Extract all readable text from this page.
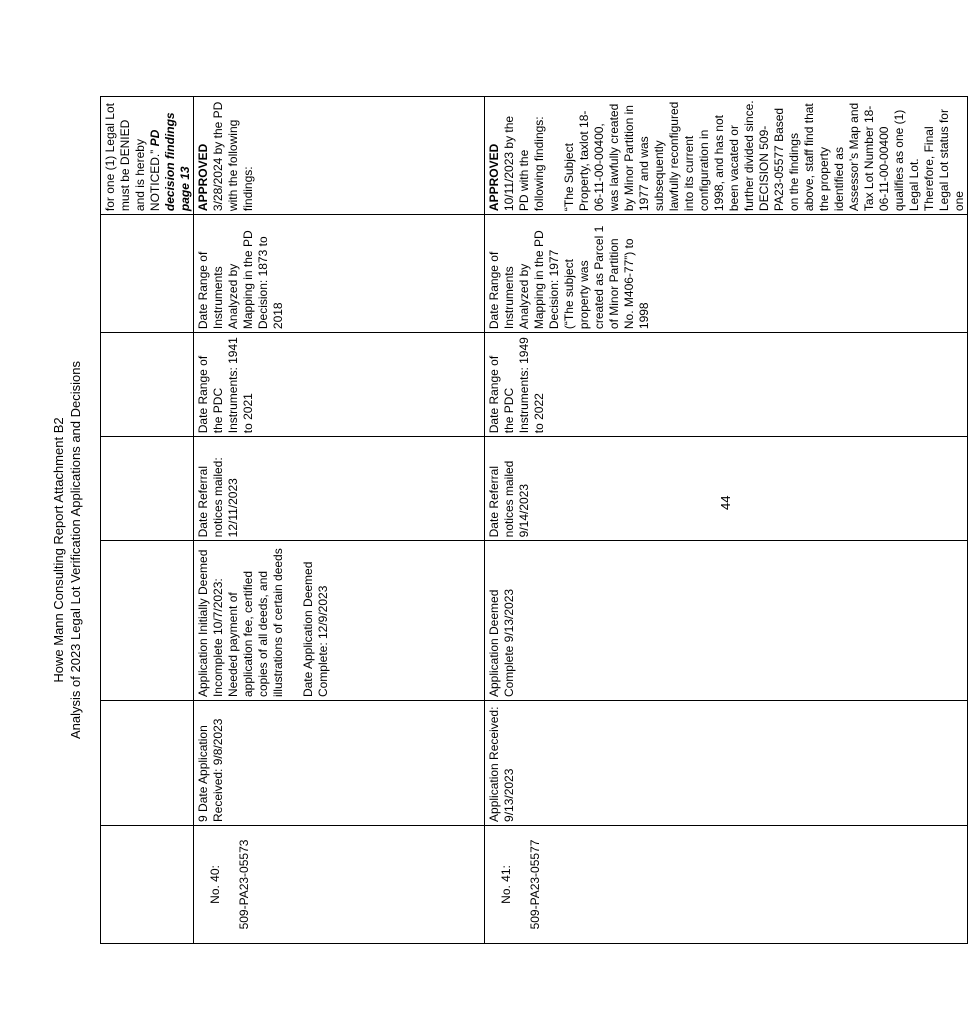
Howe Mann Consulting Report Attachment B2 Analysis of 2023 Legal Lot Verification Applications and Decisions
						for one (1) Legal Lot must be DENIED and is hereby NOTICED.” PD decision findings page 13

No. 40: 509-PA23-05573	9 Date Application Received: 9/8/2023	Application Initially Deemed Incomplete 10/7/2023: Needed payment of application fee, certified copies of all deeds, and illustrations of certain deeds Date Application Deemed Complete: 12/9/2023	Date Referral notices mailed: 12/11/2023	Date Range of the PDC Instruments: 1941 to 2021	Date Range of Instruments Analyzed by Mapping in the PD Decision: 1873 to 2018	APPROVED 3/28/2024 by the PD with the following findings:

No. 41: 509-PA23-05577	Application Received: 9/13/2023	Application Deemed Complete 9/13/2023	Date Referral notices mailed 9/14/2023	Date Range of the PDC Instruments: 1949 to 2022	Date Range of Instruments Analyzed by Mapping in the PD Decision: 1977 (“The subject property was created as Parcel 1 of Minor Partition No. M406-77”) to 1998	APPROVED 10/11/2023 by the PD with the following findings: “The Subject Property, taxlot 18-06-11-00-00400, was lawfully created by Minor Partition in 1977 and was subsequently lawfully reconfigured into its current configuration in 1998, and has not been vacated or further divided since. DECISION 509-PA23-05577 Based on the findings above, staff find that the property identified as Assessor’s Map and Tax Lot Number 18-06-11-00-00400 qualifies as one (1) Legal Lot. Therefore, Final Legal Lot status for one
44
